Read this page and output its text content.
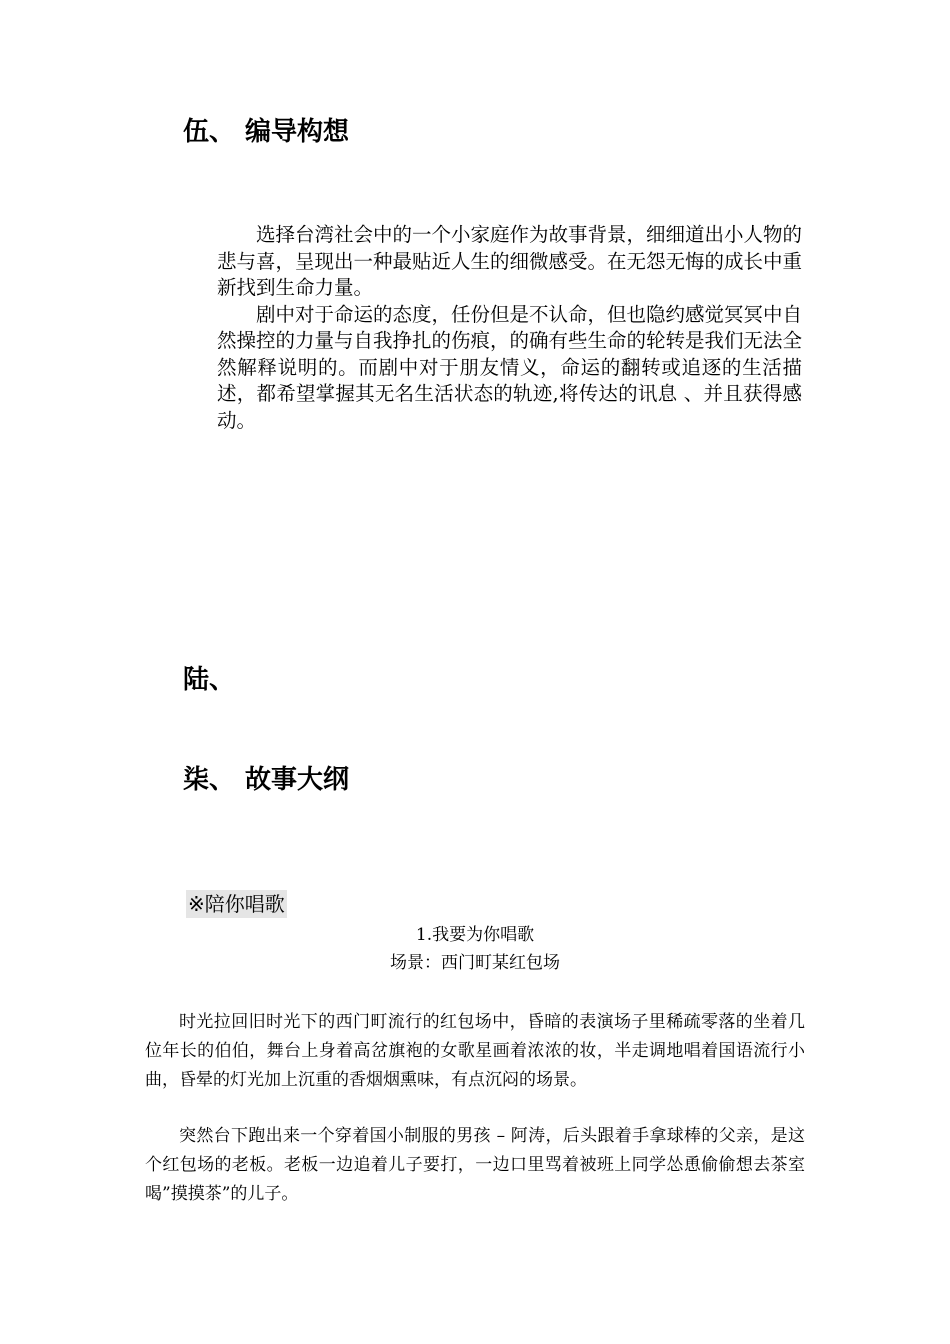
伍、 编导构想

选择台湾社会中的一个小家庭作为故事背景，细细道出小人物的悲与喜，呈现出一种最贴近人生的细微感受。在无怨无悔的成长中重新找到生命力量。

剧中对于命运的态度，任份但是不认命，但也隐约感觉冥冥中自然操控的力量与自我挣扎的伤痕，的确有些生命的轮转是我们无法全然解释说明的。而剧中对于朋友情义，命运的翻转或追逐的生活描述，都希望掌握其无名生活状态的轨迹,将传达的讯息 、并且获得感动。

陆、
柒、 故事大纲
※陪你唱歌
1.我要为你唱歌
场景：西门町某红包场

时光拉回旧时光下的西门町流行的红包场中，昏暗的表演场子里稀疏零落的坐着几位年长的伯伯，舞台上身着高岔旗袍的女歌星画着浓浓的妆，半走调地唱着国语流行小曲，昏晕的灯光加上沉重的香烟烟熏味，有点沉闷的场景。

突然台下跑出来一个穿着国小制服的男孩 – 阿涛，后头跟着手拿球棒的父亲，是这个红包场的老板。老板一边追着儿子要打，一边口里骂着被班上同学怂恿偷偷想去茶室喝”摸摸茶”的儿子。
